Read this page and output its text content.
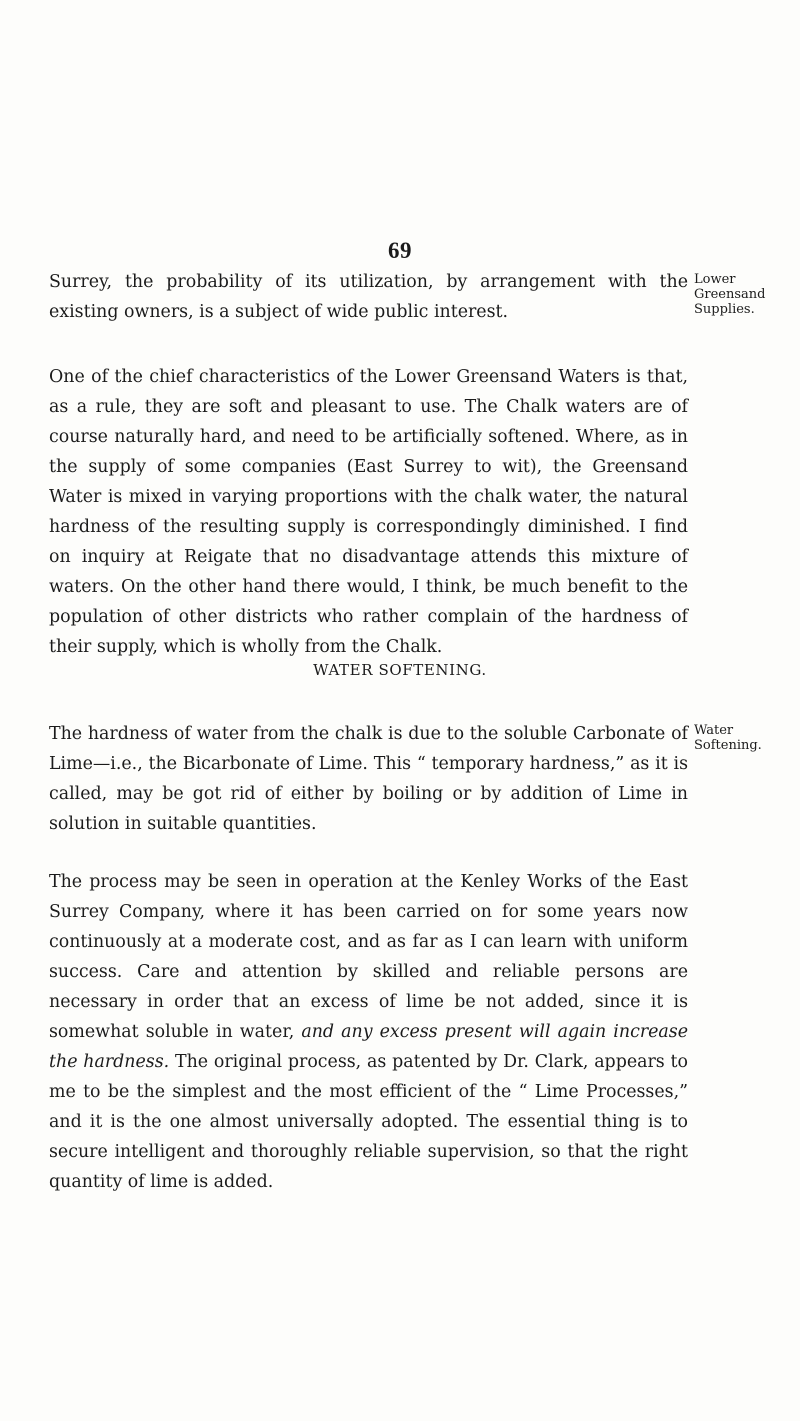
69

Surrey, the probability of its utilization, by arrangement with the existing owners, is a subject of wide public interest.

Lower
Greensand
Supplies.

One of the chief characteristics of the Lower Greensand Waters is that, as a rule, they are soft and pleasant to use. The Chalk waters are of course naturally hard, and need to be artificially softened. Where, as in the supply of some companies (East Surrey to wit), the Greensand Water is mixed in varying proportions with the chalk water, the natural hardness of the resulting supply is correspondingly diminished. I find on inquiry at Reigate that no disadvantage attends this mixture of waters. On the other hand there would, I think, be much benefit to the population of other districts who rather complain of the hardness of their supply, which is wholly from the Chalk.

WATER SOFTENING.

The hardness of water from the chalk is due to the soluble Carbonate of Lime—i.e., the Bicarbonate of Lime. This “ temporary hardness,” as it is called, may be got rid of either by boiling or by addition of Lime in solution in suitable quantities.

Water
Softening.

The process may be seen in operation at the Kenley Works of the East Surrey Company, where it has been carried on for some years now continuously at a moderate cost, and as far as I can learn with uniform success. Care and attention by skilled and reliable persons are necessary in order that an excess of lime be not added, since it is somewhat soluble in water, and any excess present will again increase the hardness. The original process, as patented by Dr. Clark, appears to me to be the simplest and the most efficient of the “ Lime Processes,” and it is the one almost universally adopted. The essential thing is to secure intelligent and thoroughly reliable supervision, so that the right quantity of lime is added.
